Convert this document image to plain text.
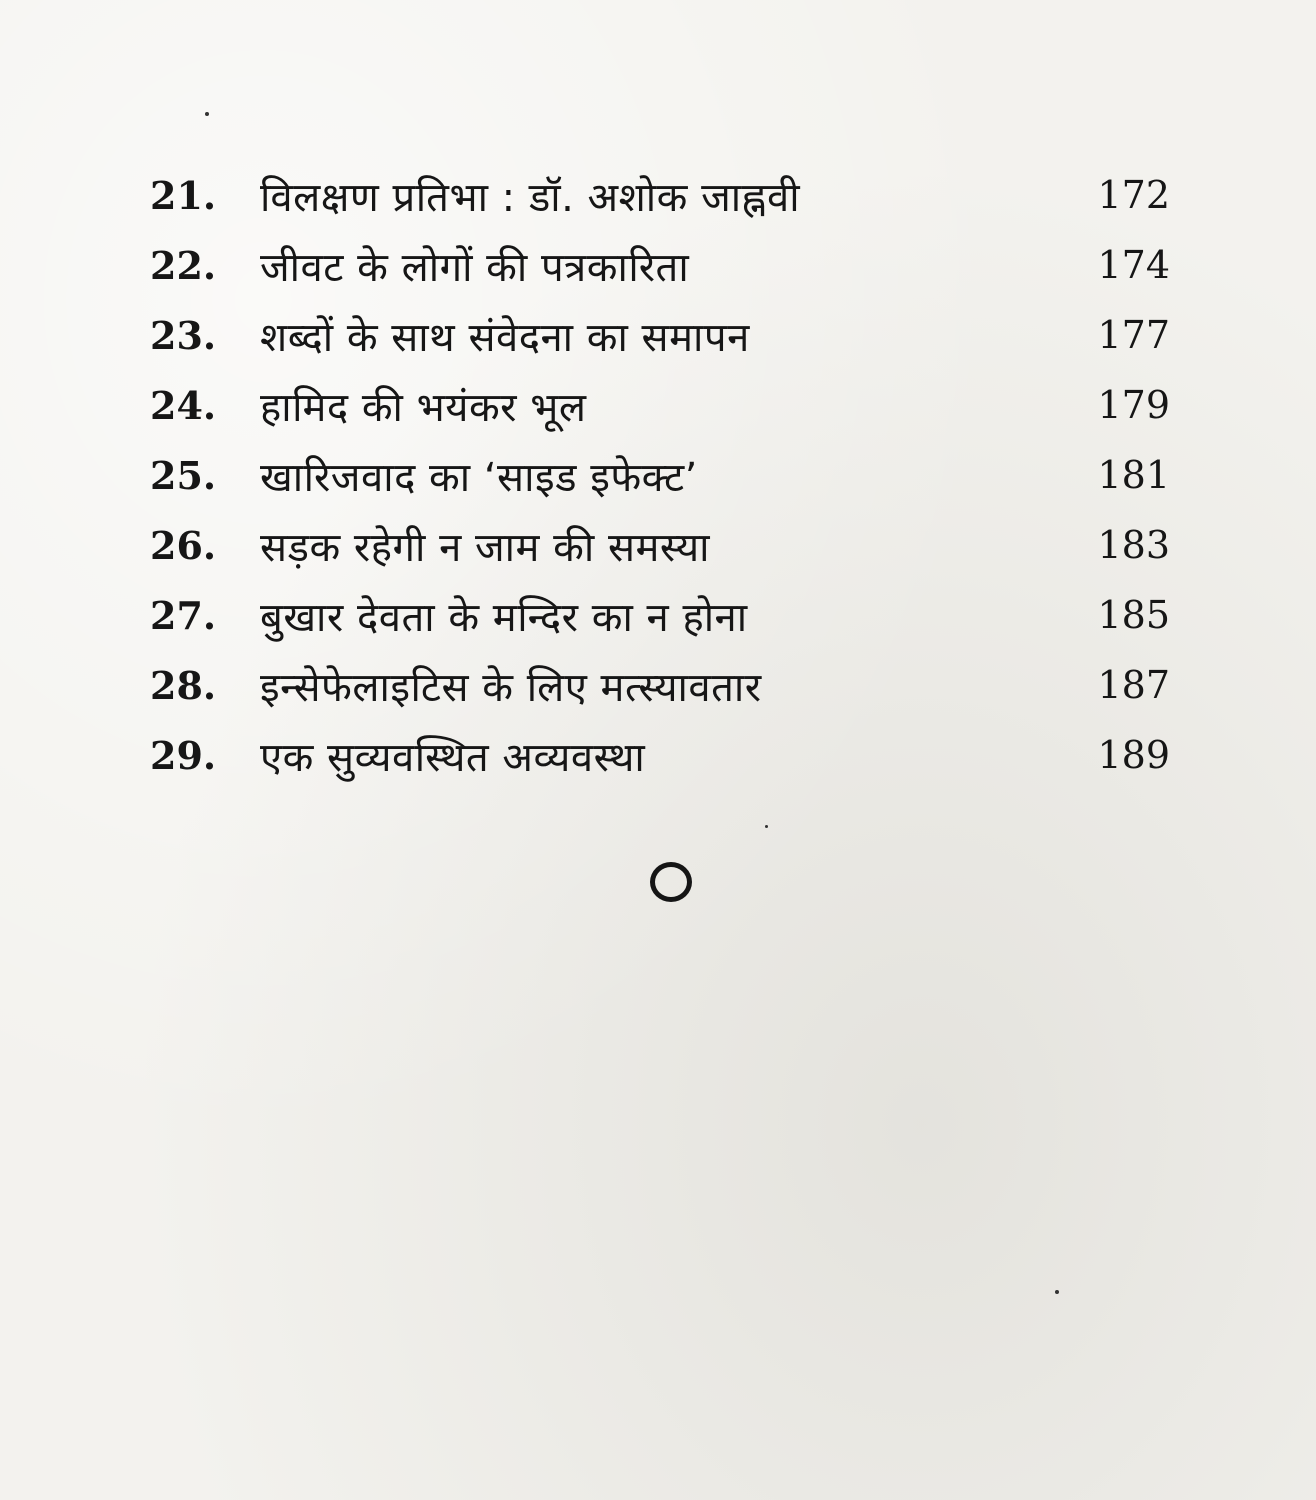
21.	विलक्षण प्रतिभा : डॉ. अशोक जाह्नवी	172
22.	जीवट के लोगों की पत्रकारिता	174
23.	शब्दों के साथ संवेदना का समापन	177
24.	हामिद की भयंकर भूल	179
25.	खारिजवाद का ‘साइड इफेक्ट’	181
26.	सड़क रहेगी न जाम की समस्या	183
27.	बुखार देवता के मन्दिर का न होना	185
28.	इन्सेफेलाइटिस के लिए मत्स्यावतार	187
29.	एक सुव्यवस्थित अव्यवस्था	189
